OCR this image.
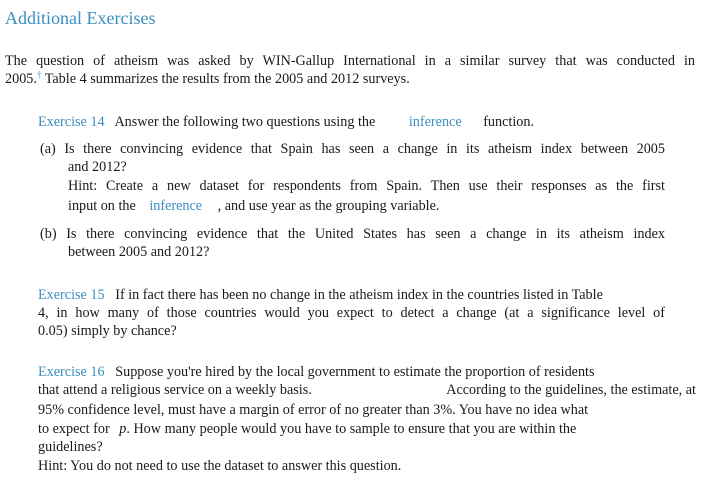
Additional Exercises
The question of atheism was asked by WIN-Gallup International in a similar survey that was conducted in
2005.† Table 4 summarizes the results from the 2005 and 2012 surveys.
Exercise 14 Answer the following two questions using the inference function.
(a) Is there convincing evidence that Spain has seen a change in its atheism index between 2005
and 2012?
Hint: Create a new dataset for respondents from Spain. Then use their responses as the first
input on the inference , and use year as the grouping variable.
(b) Is there convincing evidence that the United States has seen a change in its atheism index
between 2005 and 2012?
Exercise 15 If in fact there has been no change in the atheism index in the countries listed in Table
4, in how many of those countries would you expect to detect a change (at a significance level of
0.05) simply by chance?
Exercise 16 Suppose you're hired by the local government to estimate the proportion of residents
that attend a religious service on a weekly basis.	According to the guidelines, the estimate, at
95% confidence level, must have a margin of error of no greater than 3%. You have no idea what
to expect for p. How many people would you have to sample to ensure that you are within the
guidelines?
Hint: You do not need to use the dataset to answer this question.
